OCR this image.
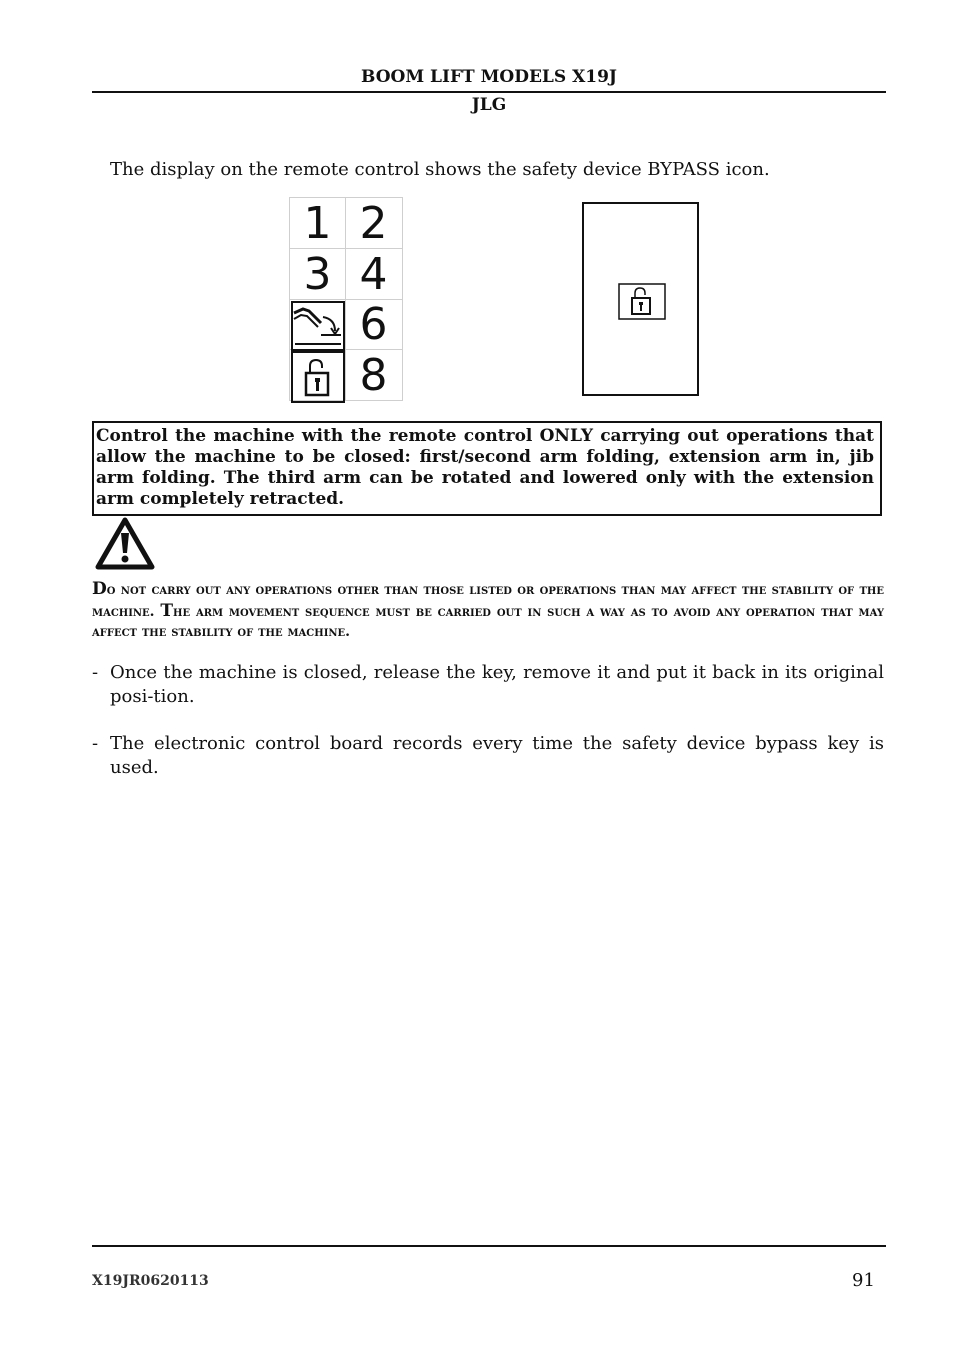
BOOM LIFT MODELS X19J
JLG
The display on the remote control shows the safety device BYPASS icon.
1 2
3 4
6
8
Control the machine with the remote control ONLY carrying out operations that allow the machine to be closed: first/second arm folding, extension arm in, jib arm folding. The third arm can be rotated and lowered only with the extension arm completely retracted.
Do not carry out any operations other than those listed or operations than may affect the stability of the machine. The arm movement sequence must be carried out in such a way as to avoid any operation that may affect the stability of the machine.
- Once the machine is closed, release the key, remove it and put it back in its original posi-tion.
- The electronic control board records every time the safety device bypass key is used.
X19JR0620113	91
